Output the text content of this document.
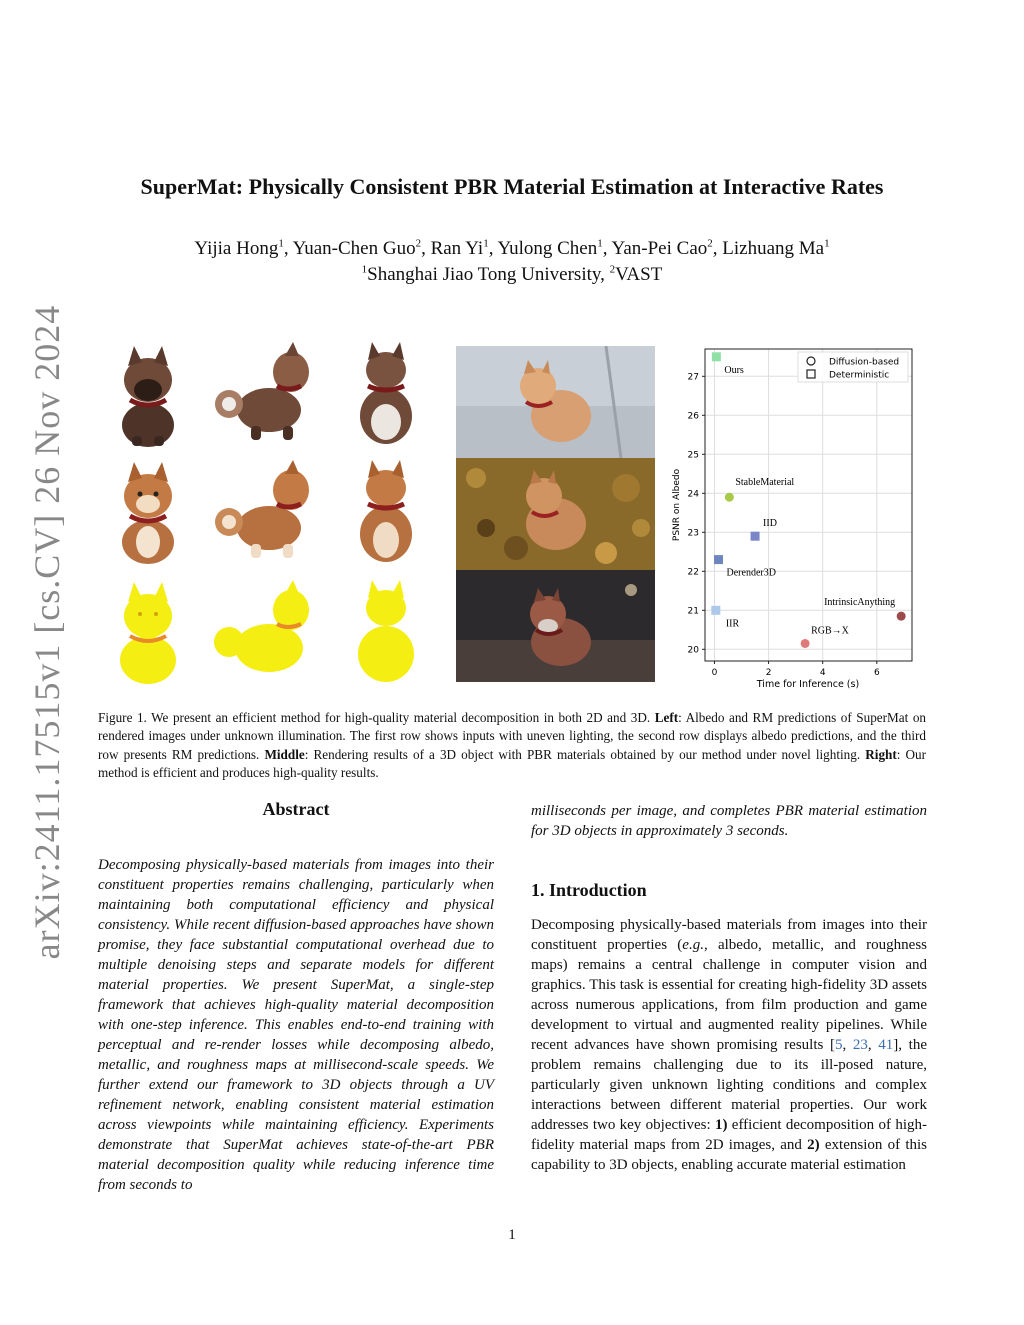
arXiv:2411.17515v1 [cs.CV] 26 Nov 2024
SuperMat: Physically Consistent PBR Material Estimation at Interactive Rates
Yijia Hong$^1$, Yuan-Chen Guo$^2$, Ran Yi$^1$, Yulong Chen$^1$, Yan-Pei Cao$^2$, Lizhuang Ma$^1$
$^1$Shanghai Jiao Tong University, $^2$VAST
0	2	4	6
20
21
22
23
24
25
26
27
Ours
StableMaterial
IID
Derender3D
IntrinsicAnything
RGB→X
IIR
Diffusion-based
Deterministic
Time for Inference (s)
PSNR on Albedo
Figure 1. We present an efficient method for high-quality material decomposition in both 2D and 3D. Left: Albedo and RM predictions of SuperMat on rendered images under unknown illumination. The first row shows inputs with uneven lighting, the second row displays albedo predictions, and the third row presents RM predictions. Middle: Rendering results of a 3D object with PBR materials obtained by our method under novel lighting. Right: Our method is efficient and produces high-quality results.
Abstract
Decomposing physically-based materials from images into their constituent properties remains challenging, particularly when maintaining both computational efficiency and physical consistency. While recent diffusion-based approaches have shown promise, they face substantial computational overhead due to multiple denoising steps and separate models for different material properties. We present SuperMat, a single-step framework that achieves high-quality material decomposition with one-step inference. This enables end-to-end training with perceptual and re-render losses while decomposing albedo, metallic, and roughness maps at millisecond-scale speeds. We further extend our framework to 3D objects through a UV refinement network, enabling consistent material estimation across viewpoints while maintaining efficiency. Experiments demonstrate that SuperMat achieves state-of-the-art PBR material decomposition quality while reducing inference time from seconds to
milliseconds per image, and completes PBR material estimation for 3D objects in approximately 3 seconds.
1. Introduction
Decomposing physically-based materials from images into their constituent properties (e.g., albedo, metallic, and roughness maps) remains a central challenge in computer vision and graphics. This task is essential for creating high-fidelity 3D assets across numerous applications, from film production and game development to virtual and augmented reality pipelines. While recent advances have shown promising results [5, 23, 41], the problem remains challenging due to its ill-posed nature, particularly given unknown lighting conditions and complex interactions between different material properties. Our work addresses two key objectives: 1) efficient decomposition of high-fidelity material maps from 2D images, and 2) extension of this capability to 3D objects, enabling accurate material estimation
1
